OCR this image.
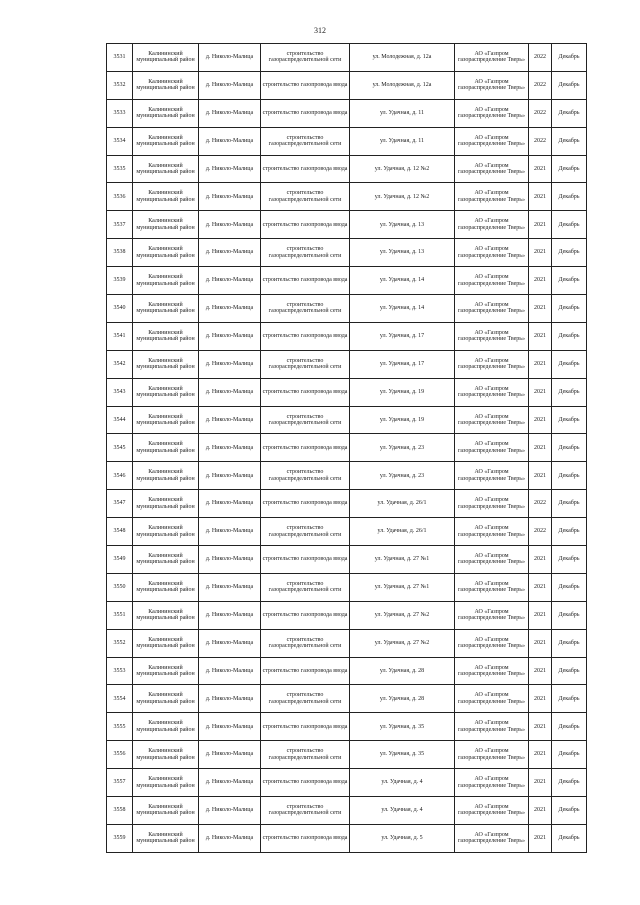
312
3531	Калининский муниципальный район	д. Николо-Малица	строительство газораспределительной сети	ул. Молодежная, д. 12а	АО «Газпром газораспределение Тверь»	2022	Декабрь
3532	Калининский муниципальный район	д. Николо-Малица	строительство газопровода ввода	ул. Молодежная, д. 12а	АО «Газпром газораспределение Тверь»	2022	Декабрь
3533	Калининский муниципальный район	д. Николо-Малица	строительство газопровода ввода	ул. Удачная, д. 11	АО «Газпром газораспределение Тверь»	2022	Декабрь
3534	Калининский муниципальный район	д. Николо-Малица	строительство газораспределительной сети	ул. Удачная, д. 11	АО «Газпром газораспределение Тверь»	2022	Декабрь
3535	Калининский муниципальный район	д. Николо-Малица	строительство газопровода ввода	ул. Удачная, д. 12 №2	АО «Газпром газораспределение Тверь»	2021	Декабрь
3536	Калининский муниципальный район	д. Николо-Малица	строительство газораспределительной сети	ул. Удачная, д. 12 №2	АО «Газпром газораспределение Тверь»	2021	Декабрь
3537	Калининский муниципальный район	д. Николо-Малица	строительство газопровода ввода	ул. Удачная, д. 13	АО «Газпром газораспределение Тверь»	2021	Декабрь
3538	Калининский муниципальный район	д. Николо-Малица	строительство газораспределительной сети	ул. Удачная, д. 13	АО «Газпром газораспределение Тверь»	2021	Декабрь
3539	Калининский муниципальный район	д. Николо-Малица	строительство газопровода ввода	ул. Удачная, д. 14	АО «Газпром газораспределение Тверь»	2021	Декабрь
3540	Калининский муниципальный район	д. Николо-Малица	строительство газораспределительной сети	ул. Удачная, д. 14	АО «Газпром газораспределение Тверь»	2021	Декабрь
3541	Калининский муниципальный район	д. Николо-Малица	строительство газопровода ввода	ул. Удачная, д. 17	АО «Газпром газораспределение Тверь»	2021	Декабрь
3542	Калининский муниципальный район	д. Николо-Малица	строительство газораспределительной сети	ул. Удачная, д. 17	АО «Газпром газораспределение Тверь»	2021	Декабрь
3543	Калининский муниципальный район	д. Николо-Малица	строительство газопровода ввода	ул. Удачная, д. 19	АО «Газпром газораспределение Тверь»	2021	Декабрь
3544	Калининский муниципальный район	д. Николо-Малица	строительство газораспределительной сети	ул. Удачная, д. 19	АО «Газпром газораспределение Тверь»	2021	Декабрь
3545	Калининский муниципальный район	д. Николо-Малица	строительство газопровода ввода	ул. Удачная, д. 23	АО «Газпром газораспределение Тверь»	2021	Декабрь
3546	Калининский муниципальный район	д. Николо-Малица	строительство газораспределительной сети	ул. Удачная, д. 23	АО «Газпром газораспределение Тверь»	2021	Декабрь
3547	Калининский муниципальный район	д. Николо-Малица	строительство газопровода ввода	ул. Удачная, д. 26/1	АО «Газпром газораспределение Тверь»	2022	Декабрь
3548	Калининский муниципальный район	д. Николо-Малица	строительство газораспределительной сети	ул. Удачная, д. 26/1	АО «Газпром газораспределение Тверь»	2022	Декабрь
3549	Калининский муниципальный район	д. Николо-Малица	строительство газопровода ввода	ул. Удачная, д. 27 №1	АО «Газпром газораспределение Тверь»	2021	Декабрь
3550	Калининский муниципальный район	д. Николо-Малица	строительство газораспределительной сети	ул. Удачная, д. 27 №1	АО «Газпром газораспределение Тверь»	2021	Декабрь
3551	Калининский муниципальный район	д. Николо-Малица	строительство газопровода ввода	ул. Удачная, д. 27 №2	АО «Газпром газораспределение Тверь»	2021	Декабрь
3552	Калининский муниципальный район	д. Николо-Малица	строительство газораспределительной сети	ул. Удачная, д. 27 №2	АО «Газпром газораспределение Тверь»	2021	Декабрь
3553	Калининский муниципальный район	д. Николо-Малица	строительство газопровода ввода	ул. Удачная, д. 28	АО «Газпром газораспределение Тверь»	2021	Декабрь
3554	Калининский муниципальный район	д. Николо-Малица	строительство газораспределительной сети	ул. Удачная, д. 28	АО «Газпром газораспределение Тверь»	2021	Декабрь
3555	Калининский муниципальный район	д. Николо-Малица	строительство газопровода ввода	ул. Удачная, д. 35	АО «Газпром газораспределение Тверь»	2021	Декабрь
3556	Калининский муниципальный район	д. Николо-Малица	строительство газораспределительной сети	ул. Удачная, д. 35	АО «Газпром газораспределение Тверь»	2021	Декабрь
3557	Калининский муниципальный район	д. Николо-Малица	строительство газопровода ввода	ул. Удачная, д. 4	АО «Газпром газораспределение Тверь»	2021	Декабрь
3558	Калининский муниципальный район	д. Николо-Малица	строительство газораспределительной сети	ул. Удачная, д. 4	АО «Газпром газораспределение Тверь»	2021	Декабрь
3559	Калининский муниципальный район	д. Николо-Малица	строительство газопровода ввода	ул. Удачная, д. 5	АО «Газпром газораспределение Тверь»	2021	Декабрь
